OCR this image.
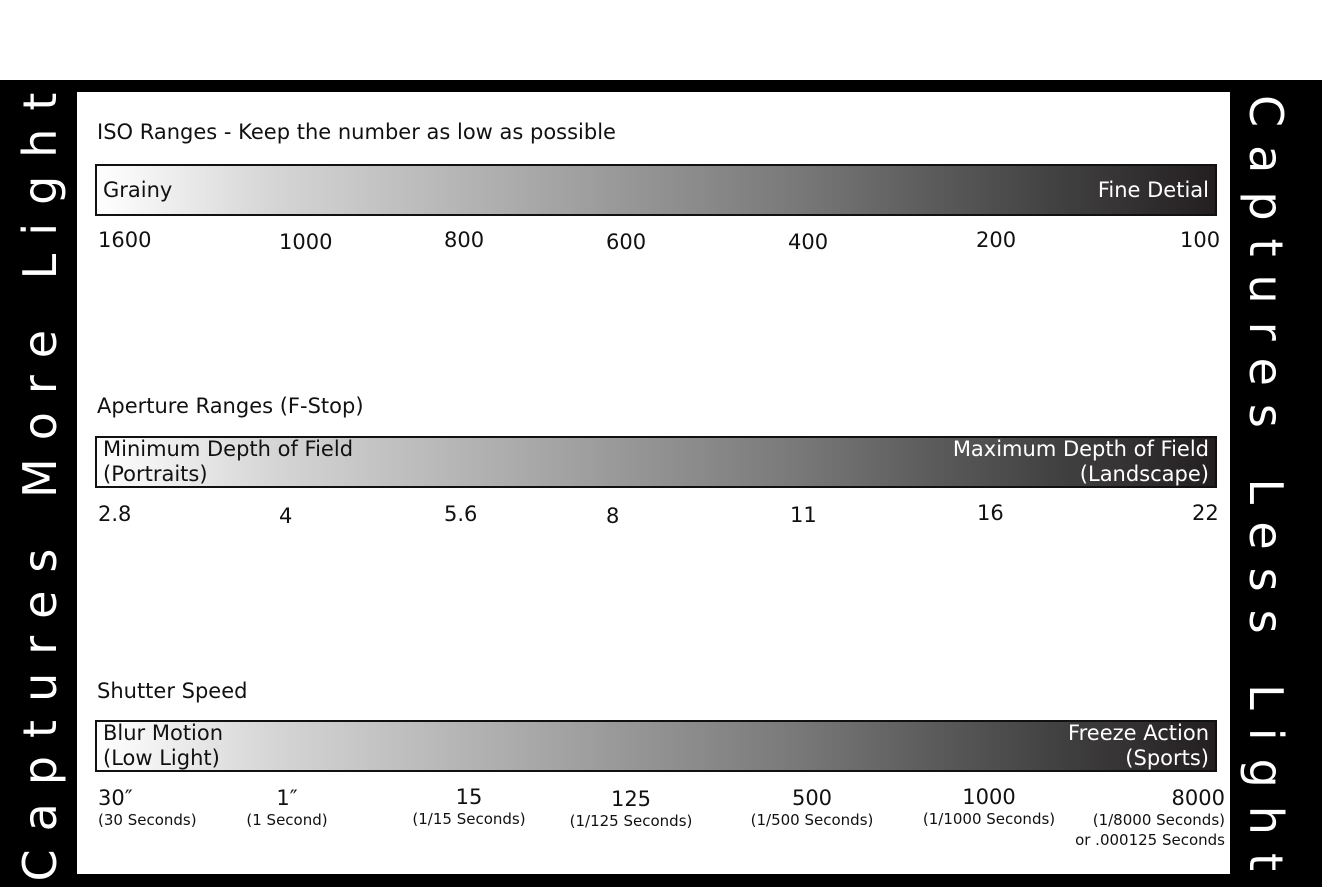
Captures More Light	Captures Less Light
ISO Ranges - Keep the number as low as possible
Grainy	Fine Detial
1600	1000	800	600	400	200	100
Aperture Ranges (F-Stop)
Minimum Depth of Field
(Portraits)
Maximum Depth of Field
(Landscape)
2.8	4	5.6	8	11	16	22
Shutter Speed
Blur Motion
(Low Light)
Freeze Action
(Sports)
30″
(30 Seconds)
1″
(1 Second)
15
(1/15 Seconds)
125
(1/125 Seconds)
500
(1/500 Seconds)
1000
(1/1000 Seconds)
8000
(1/8000 Seconds)
or .000125 Seconds
